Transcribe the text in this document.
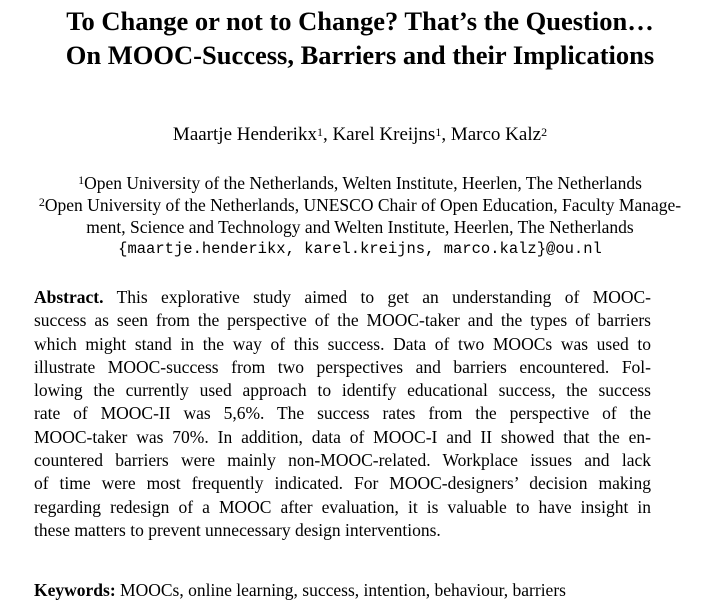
To Change or not to Change? That’s the Question…
On MOOC-Success, Barriers and their Implications
Maartje Henderikx$^1$, Karel Kreijns$^1$, Marco Kalz$^2$
$^1$Open University of the Netherlands, Welten Institute, Heerlen, The Netherlands
$^2$Open University of the Netherlands, UNESCO Chair of Open Education, Faculty Manage-
ment, Science and Technology and Welten Institute, Heerlen, The Netherlands
{maartje.henderikx, karel.kreijns, marco.kalz}@ou.nl
Abstract. This explorative study aimed to get an understanding of MOOC-
success as seen from the perspective of the MOOC-taker and the types of barriers
which might stand in the way of this success. Data of two MOOCs was used to
illustrate MOOC-success from two perspectives and barriers encountered. Fol-
lowing the currently used approach to identify educational success, the success
rate of MOOC-II was 5,6%. The success rates from the perspective of the
MOOC-taker was 70%. In addition, data of MOOC-I and II showed that the en-
countered barriers were mainly non-MOOC-related. Workplace issues and lack
of time were most frequently indicated. For MOOC-designers’ decision making
regarding redesign of a MOOC after evaluation, it is valuable to have insight in
these matters to prevent unnecessary design interventions.
Keywords: MOOCs, online learning, success, intention, behaviour, barriers
